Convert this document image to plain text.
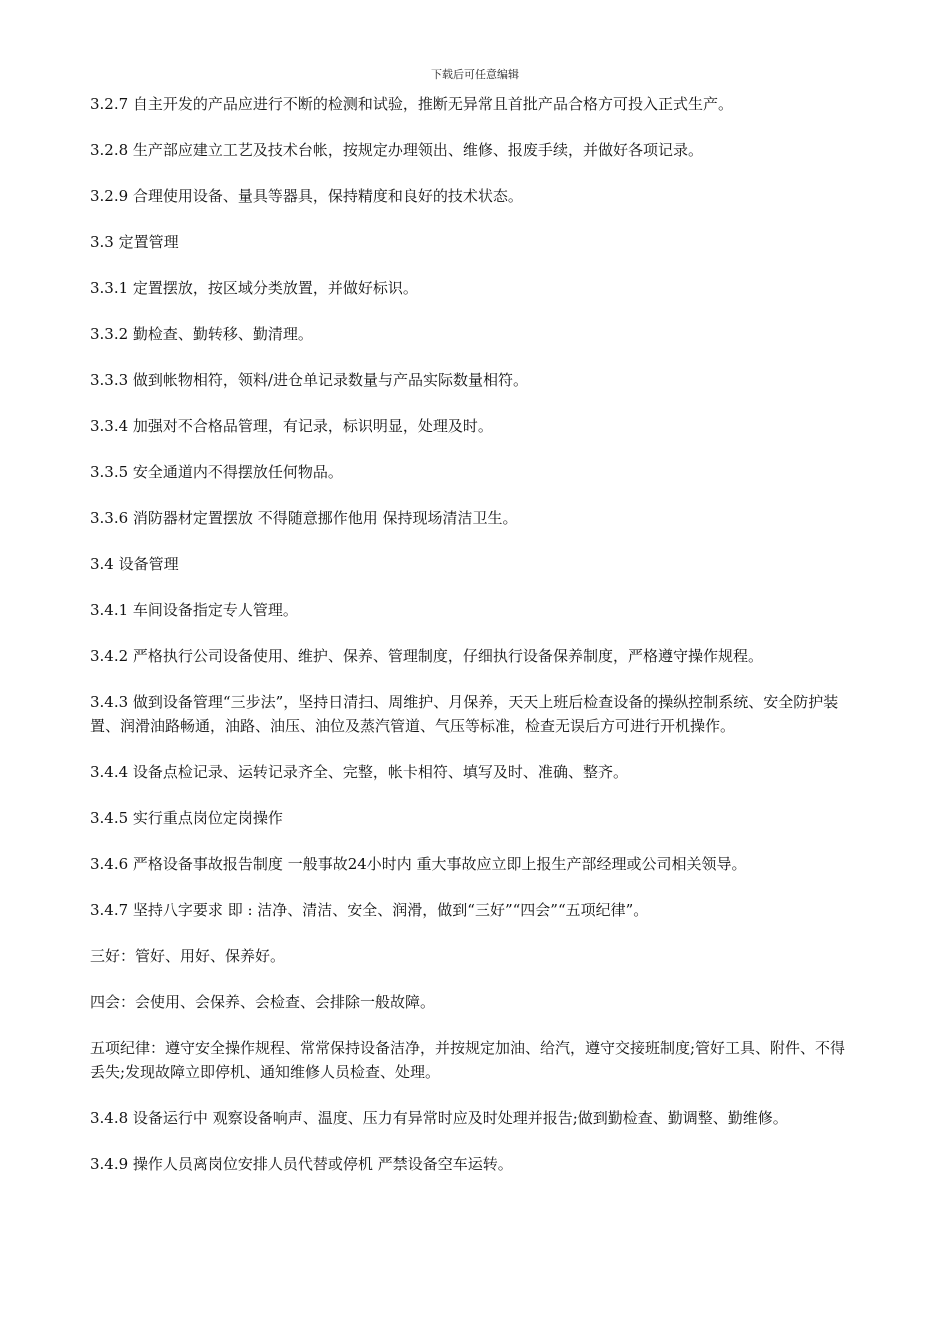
下载后可任意编辑

3.2.7 自主开发的产品应进行不断的检测和试验，推断无异常且首批产品合格方可投入正式生产。

3.2.8 生产部应建立工艺及技术台帐，按规定办理领出、维修、报废手续，并做好各项记录。

3.2.9 合理使用设备、量具等器具，保持精度和良好的技术状态。

3.3 定置管理

3.3.1 定置摆放，按区域分类放置，并做好标识。

3.3.2 勤检查、勤转移、勤清理。

3.3.3 做到帐物相符，领料/进仓单记录数量与产品实际数量相符。

3.3.4 加强对不合格品管理，有记录，标识明显，处理及时。

3.3.5 安全通道内不得摆放任何物品。

3.3.6 消防器材定置摆放 不得随意挪作他用 保持现场清洁卫生。

3.4 设备管理

3.4.1 车间设备指定专人管理。

3.4.2 严格执行公司设备使用、维护、保养、管理制度，仔细执行设备保养制度，严格遵守操作规程。

3.4.3 做到设备管理“三步法”，坚持日清扫、周维护、月保养，天天上班后检查设备的操纵控制系统、安全防护装置、润滑油路畅通，油路、油压、油位及蒸汽管道、气压等标准，检查无误后方可进行开机操作。

3.4.4 设备点检记录、运转记录齐全、完整，帐卡相符、填写及时、准确、整齐。

3.4.5 实行重点岗位定岗操作

3.4.6 严格设备事故报告制度 一般事故24小时内 重大事故应立即上报生产部经理或公司相关领导。

3.4.7 坚持八字要求 即 : 洁净、清洁、安全、润滑，做到“三好”“四会”“五项纪律”。

三好：管好、用好、保养好。

四会：会使用、会保养、会检查、会排除一般故障。

五项纪律：遵守安全操作规程、常常保持设备洁净，并按规定加油、给汽，遵守交接班制度;管好工具、附件、不得丢失;发现故障立即停机、通知维修人员检查、处理。

3.4.8 设备运行中 观察设备响声、温度、压力有异常时应及时处理并报告;做到勤检查、勤调整、勤维修。

3.4.9 操作人员离岗位安排人员代替或停机 严禁设备空车运转。
